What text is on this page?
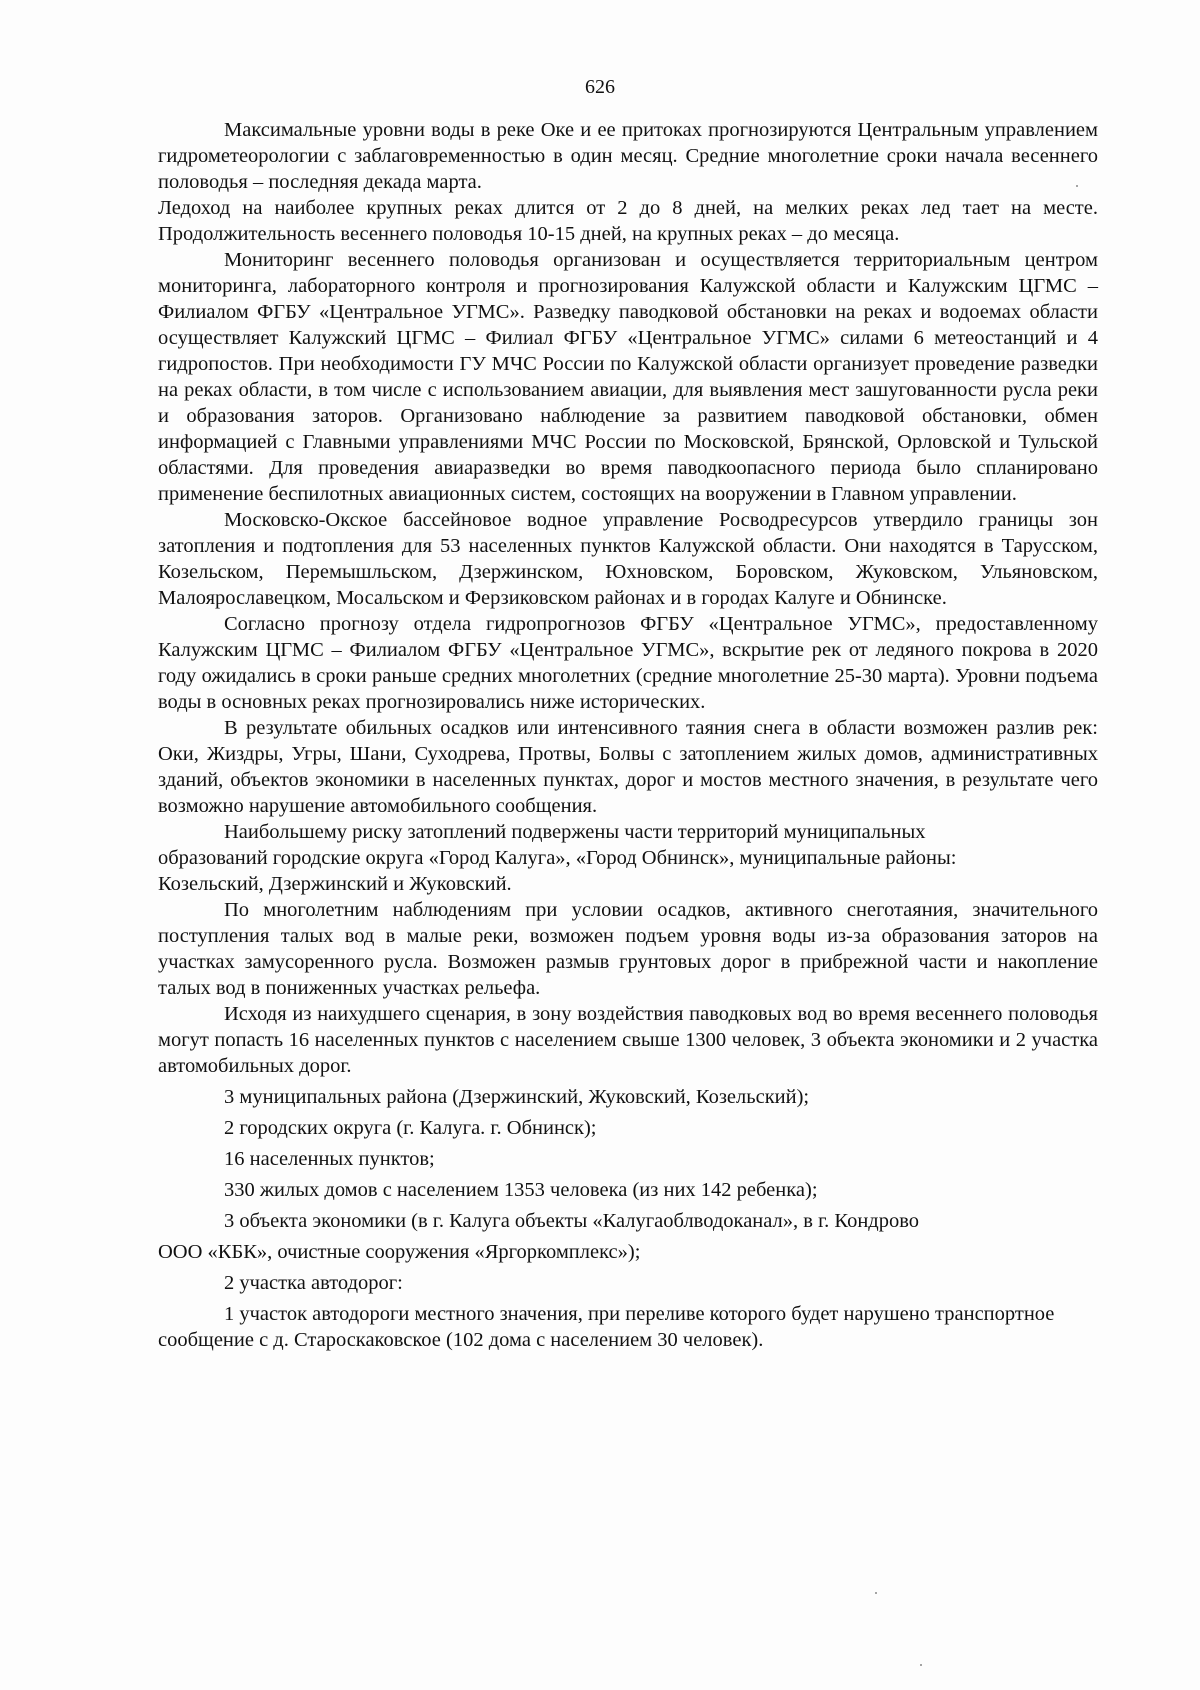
626

Максимальные уровни воды в реке Оке и ее притоках прогнозируются Центральным управлением гидрометеорологии с заблаговременностью в один месяц. Средние многолетние сроки начала весеннего половодья – последняя декада марта.

Ледоход на наиболее крупных реках длится от 2 до 8 дней, на мелких реках лед тает на месте. Продолжительность весеннего половодья 10-15 дней, на крупных реках – до месяца.

Мониторинг весеннего половодья организован и осуществляется территориальным центром мониторинга, лабораторного контроля и прогнозирования Калужской области и Калужским ЦГМС – Филиалом ФГБУ «Центральное УГМС». Разведку паводковой обстановки на реках и водоемах области осуществляет Калужский ЦГМС – Филиал ФГБУ «Центральное УГМС» силами 6 метеостанций и 4 гидропостов. При необходимости ГУ МЧС России по Калужской области организует проведение разведки на реках области, в том числе с использованием авиации, для выявления мест зашугованности русла реки и образования заторов. Организовано наблюдение за развитием паводковой обстановки, обмен информацией с Главными управлениями МЧС России по Московской, Брянской, Орловской и Тульской областями. Для проведения авиаразведки во время паводкоопасного периода было спланировано применение беспилотных авиационных систем, состоящих на вооружении в Главном управлении.

Московско-Окское бассейновое водное управление Росводресурсов утвердило границы зон затопления и подтопления для 53 населенных пунктов Калужской области. Они находятся в Тарусском, Козельском, Перемышльском, Дзержинском, Юхновском, Боровском, Жуковском, Ульяновском, Малоярославецком, Мосальском и Ферзиковском районах и в городах Калуге и Обнинске.

Согласно прогнозу отдела гидропрогнозов ФГБУ «Центральное УГМС», предоставленному Калужским ЦГМС – Филиалом ФГБУ «Центральное УГМС», вскрытие рек от ледяного покрова в 2020 году ожидались в сроки раньше средних многолетних (средние многолетние 25-30 марта). Уровни подъема воды в основных реках прогнозировались ниже исторических.

В результате обильных осадков или интенсивного таяния снега в области возможен разлив рек: Оки, Жиздры, Угры, Шани, Суходрева, Протвы, Болвы с затоплением жилых домов, административных зданий, объектов экономики в населенных пунктах, дорог и мостов местного значения, в результате чего возможно нарушение автомобильного сообщения.

Наибольшему риску затоплений подвержены части территорий муниципальных образований городские округа «Город Калуга», «Город Обнинск», муниципальные районы: Козельский, Дзержинский и Жуковский.

По многолетним наблюдениям при условии осадков, активного снеготаяния, значительного поступления талых вод в малые реки, возможен подъем уровня воды из-за образования заторов на участках замусоренного русла. Возможен размыв грунтовых дорог в прибрежной части и накопление талых вод в пониженных участках рельефа.

Исходя из наихудшего сценария, в зону воздействия паводковых вод во время весеннего половодья могут попасть 16 населенных пунктов с населением свыше 1300 человек, 3 объекта экономики и 2 участка автомобильных дорог.

3 муниципальных района (Дзержинский, Жуковский, Козельский);

2 городских округа (г. Калуга. г. Обнинск);

16 населенных пунктов;

330 жилых домов с населением 1353 человека (из них 142 ребенка);

3 объекта экономики (в г. Калуга объекты «Калугаоблводоканал», в г. Кондрово

ООО «КБК», очистные сооружения «Яргоркомплекс»);

2 участка автодорог:

1 участок автодороги местного значения, при переливе которого будет нарушено транспортное сообщение с д. Староскаковское (102 дома с населением 30 человек).
